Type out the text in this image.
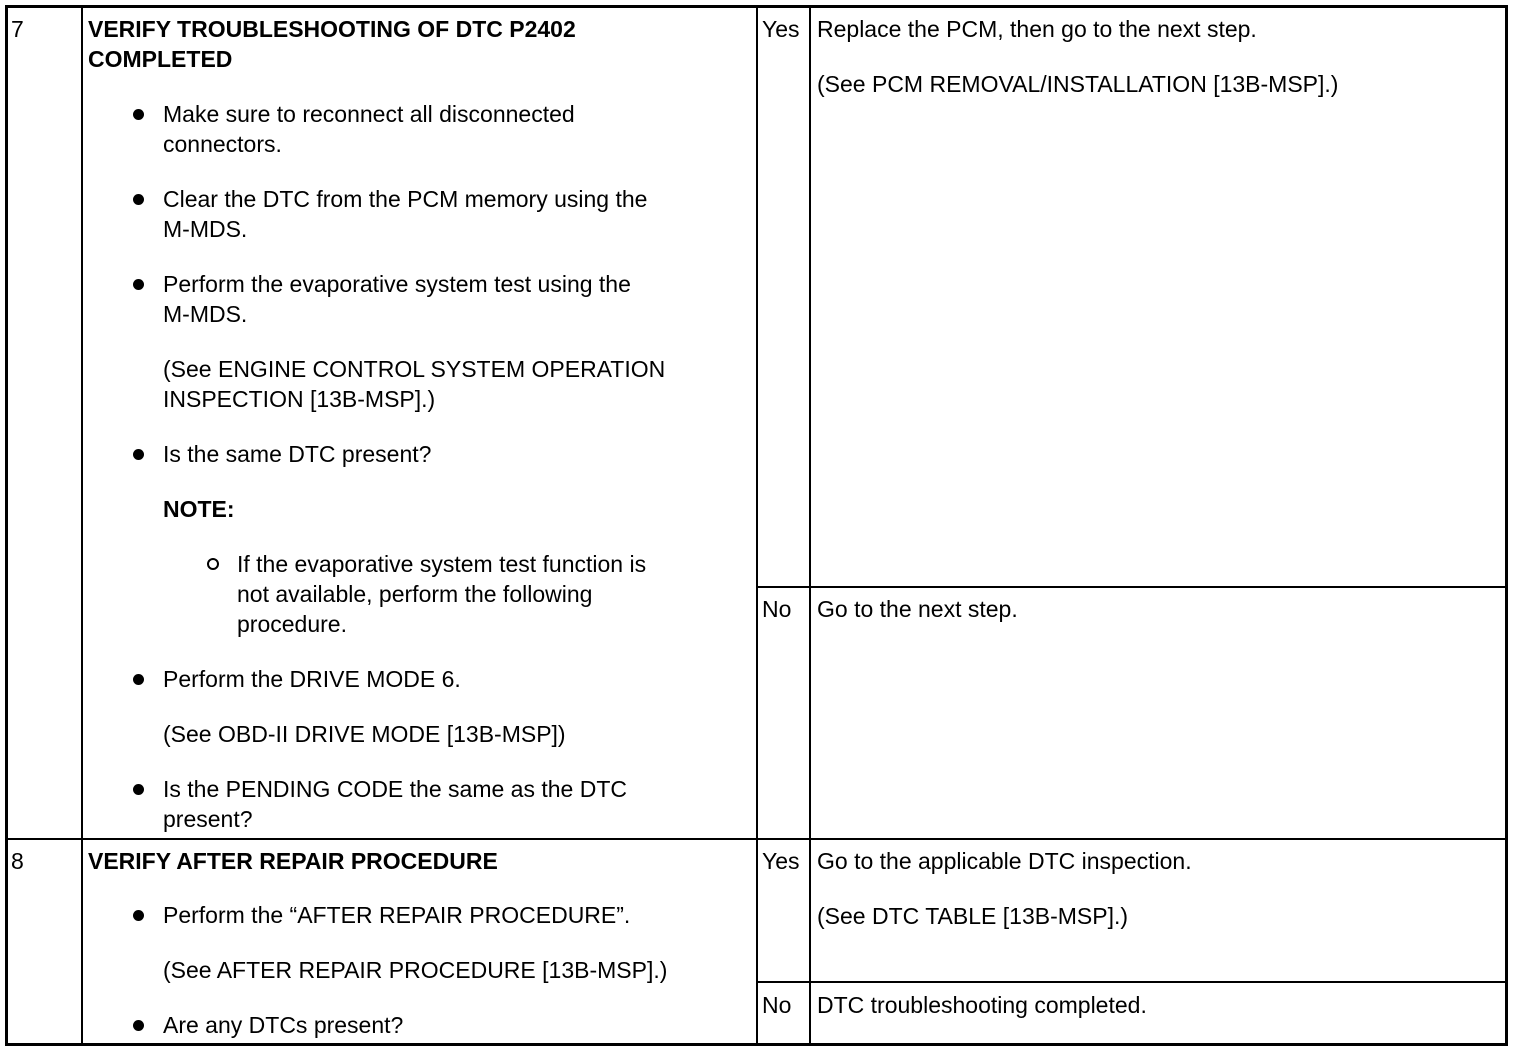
7	VERIFY TROUBLESHOOTING OF DTC P2402
COMPLETED
Make sure to reconnect all disconnected
connectors.
Clear the DTC from the PCM memory using the
M-MDS.
Perform the evaporative system test using the
M-MDS.
(See ENGINE CONTROL SYSTEM OPERATION
INSPECTION [13B-MSP].)
Is the same DTC present?
NOTE:
If the evaporative system test function is
not available, perform the following
procedure.
Perform the DRIVE MODE 6.
(See OBD-II DRIVE MODE [13B-MSP])
Is the PENDING CODE the same as the DTC
present?
Yes Replace the PCM, then go to the next step.
(See PCM REMOVAL/INSTALLATION [13B-MSP].)
No Go to the next step.
8	VERIFY AFTER REPAIR PROCEDURE
Perform the “AFTER REPAIR PROCEDURE”.
(See AFTER REPAIR PROCEDURE [13B-MSP].)
Are any DTCs present?
Yes Go to the applicable DTC inspection.
(See DTC TABLE [13B-MSP].)
No DTC troubleshooting completed.
